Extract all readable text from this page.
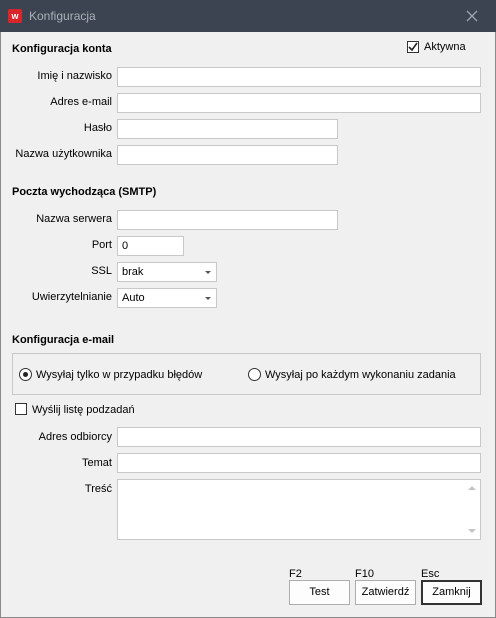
w Konfiguracja
Konfiguracja konta	Aktywna
Imię i nazwisko
Adres e-mail
Hasło
Nazwa użytkownika
Poczta wychodząca (SMTP)
Nazwa serwera
Port
0
SSL brak
Uwierzytelnianie Auto
Konfiguracja e-mail
Wysyłaj tylko w przypadku błędów	Wysyłaj po każdym wykonaniu zadania
Wyślij listę podzadań
Adres odbiorcy
Temat
Treść
F2
Test
F10
Zatwierdź
Esc
Zamknij
